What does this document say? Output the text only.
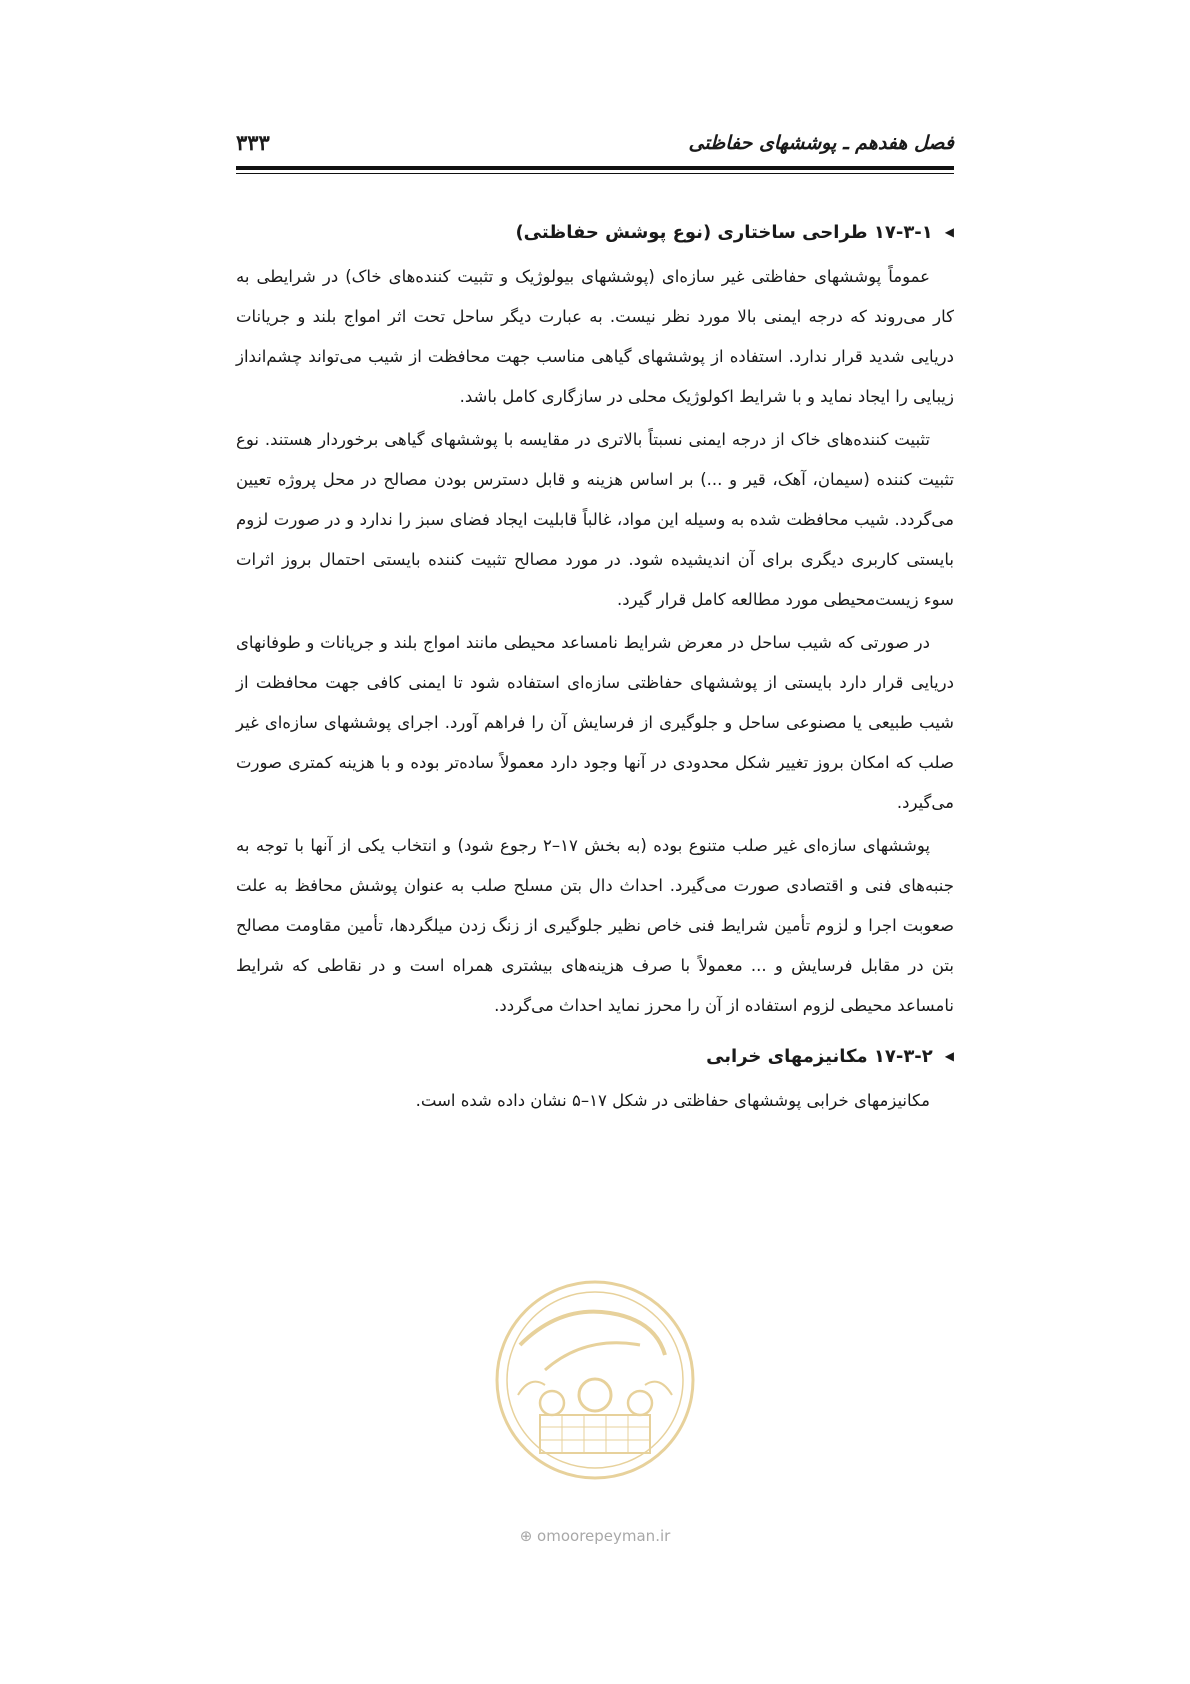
فصل هفدهم ـ پوششهای حفاظتی
۳۳۳
◀۱۷-۳-۱ طراحی ساختاری (نوع پوشش حفاظتی)

عموماً پوششهای حفاظتی غیر سازه‌ای (پوششهای بیولوژیک و تثبیت کننده‌های خاک) در شرایطی به کار می‌روند که درجه ایمنی بالا مورد نظر نیست. به عبارت دیگر ساحل تحت اثر امواج بلند و جریانات دریایی شدید قرار ندارد. استفاده از پوششهای گیاهی مناسب جهت محافظت از شیب می‌تواند چشم‌انداز زیبایی را ایجاد نماید و با شرایط اکولوژیک محلی در سازگاری کامل باشد.

تثبیت کننده‌های خاک از درجه ایمنی نسبتاً بالاتری در مقایسه با پوششهای گیاهی برخوردار هستند. نوع تثبیت کننده (سیمان، آهک، قیر و ...) بر اساس هزینه و قابل دسترس بودن مصالح در محل پروژه تعیین می‌گردد. شیب محافظت شده به وسیله این مواد، غالباً قابلیت ایجاد فضای سبز را ندارد و در صورت لزوم بایستی کاربری دیگری برای آن اندیشیده شود. در مورد مصالح تثبیت کننده بایستی احتمال بروز اثرات سوء زیست‌محیطی مورد مطالعه کامل قرار گیرد.

در صورتی که شیب ساحل در معرض شرایط نامساعد محیطی مانند امواج بلند و جریانات و طوفانهای دریایی قرار دارد بایستی از پوششهای حفاظتی سازه‌ای استفاده شود تا ایمنی کافی جهت محافظت از شیب طبیعی یا مصنوعی ساحل و جلوگیری از فرسایش آن را فراهم آورد. اجرای پوششهای سازه‌ای غیر صلب که امکان بروز تغییر شکل محدودی در آنها وجود دارد معمولاً ساده‌تر بوده و با هزینه کمتری صورت می‌گیرد.

پوششهای سازه‌ای غیر صلب متنوع بوده (به بخش ۱۷–۲ رجوع شود) و انتخاب یکی از آنها با توجه به جنبه‌های فنی و اقتصادی صورت می‌گیرد. احداث دال بتن مسلح صلب به عنوان پوشش محافظ به علت صعوبت اجرا و لزوم تأمین شرایط فنی خاص نظیر جلوگیری از زنگ زدن میلگردها، تأمین مقاومت مصالح بتن در مقابل فرسایش و ... معمولاً با صرف هزینه‌های بیشتری همراه است و در نقاطی که شرایط نامساعد محیطی لزوم استفاده از آن را محرز نماید احداث می‌گردد.

◀۱۷-۳-۲ مکانیزمهای خرابی

مکانیزمهای خرابی پوششهای حفاظتی در شکل ۱۷–۵ نشان داده شده است.

⊕ omoorepeyman.ir
